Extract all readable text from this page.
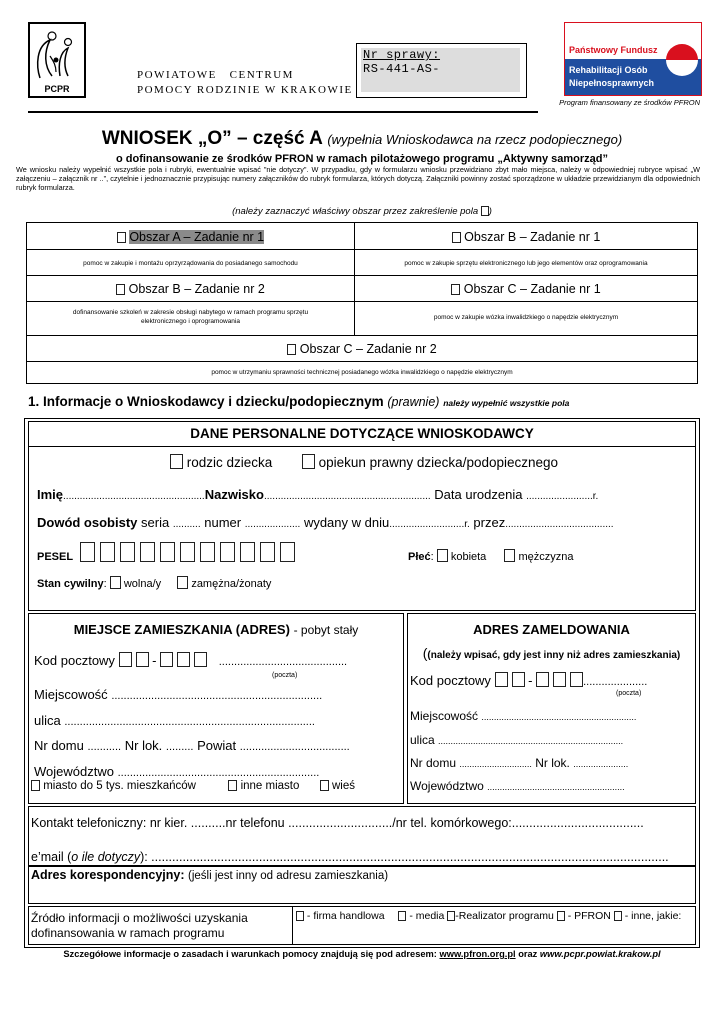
PCPR
POWIATOWE   CENTRUM
POMOCY RODZINIE W KRAKOWIE
Nr sprawy:
RS-441-AS-
Państwowy Fundusz
Rehabilitacji Osób
Niepełnosprawnych
Program finansowany ze środków PFRON
WNIOSEK „O” – część A (wypełnia Wnioskodawca na rzecz podopiecznego)
o dofinansowanie ze środków PFRON w ramach pilotażowego programu „Aktywny samorząd”
We wniosku należy wypełnić wszystkie pola i rubryki, ewentualnie wpisać "nie dotyczy". W przypadku, gdy w formularzu wniosku przewidziano zbyt mało miejsca, należy w odpowiedniej rubryce wpisać „W załączeniu – załącznik nr ..”, czytelnie i jednoznacznie przypisując numery załączników do rubryk formularza, których dotyczą. Załączniki powinny zostać sporządzone w układzie przewidzianym dla odpowiednich rubryk formularza.
(należy zaznaczyć właściwy obszar przez zakreślenie pola )
Obszar A – Zadanie nr 1
pomoc w zakupie i montażu oprzyrządowania do posiadanego samochodu
Obszar B – Zadanie nr 1
pomoc w zakupie sprzętu elektronicznego lub jego elementów oraz oprogramowania
Obszar B – Zadanie nr 2
dofinansowanie szkoleń w zakresie obsługi nabytego w ramach programu sprzętu elektronicznego i oprogramowania
Obszar C – Zadanie nr 1
pomoc w zakupie wózka inwalidzkiego o napędzie elektrycznym
Obszar C – Zadanie nr 2
pomoc w utrzymaniu sprawności technicznej posiadanego wózka inwalidzkiego o napędzie elektrycznym
1. Informacje o Wnioskodawcy i dziecku/podopiecznym (prawnie) należy wypełnić wszystkie pola
DANE PERSONALNE DOTYCZĄCE WNIOSKODAWCY
rodzic dziecka	opiekun prawny dziecka/podopiecznego
Imię...................................................Nazwisko............................................................ Data urodzenia ........................r.
Dowód osobisty seria .......... numer .................... wydany w dniu...........................r. przez.......................................
PESEL	Płeć:  kobieta	mężczyzna
Stan cywilny:  wolna/y	zamężna/żonaty
MIEJSCE ZAMIESZKANIA (ADRES) - pobyt stały
Kod pocztowy	-	..........................................
(poczta)
Miejscowość .....................................................................
ulica ..................................................................................
Nr domu ........... Nr lok. ......... Powiat ....................................
Województwo ..................................................................
miasto do 5 tys. mieszkańców	inne miasto	wieś
ADRES ZAMELDOWANIA
((należy wpisać, gdy jest inny niż adres zamieszkania)
Kod pocztowy	-	.....................
(poczta)
Miejscowość ..............................................................
ulica ..........................................................................
Nr domu ............................. Nr lok. ......................
Województwo .......................................................
Kontakt telefoniczny: nr kier. ..........nr telefonu ............................../nr tel. komórkowego:......................................
e’mail (o ile dotyczy): .....................................................................................................................................................
Adres korespondencyjny: (jeśli jest inny od adresu zamieszkania)
Źródło informacji o możliwości uzyskania dofinansowania w ramach programu
- firma handlowa - media -Realizator programu - PFRON - inne, jakie:
Szczegółowe informacje o zasadach i warunkach pomocy znajdują się pod adresem: www.pfron.org.pl oraz www.pcpr.powiat.krakow.pl
